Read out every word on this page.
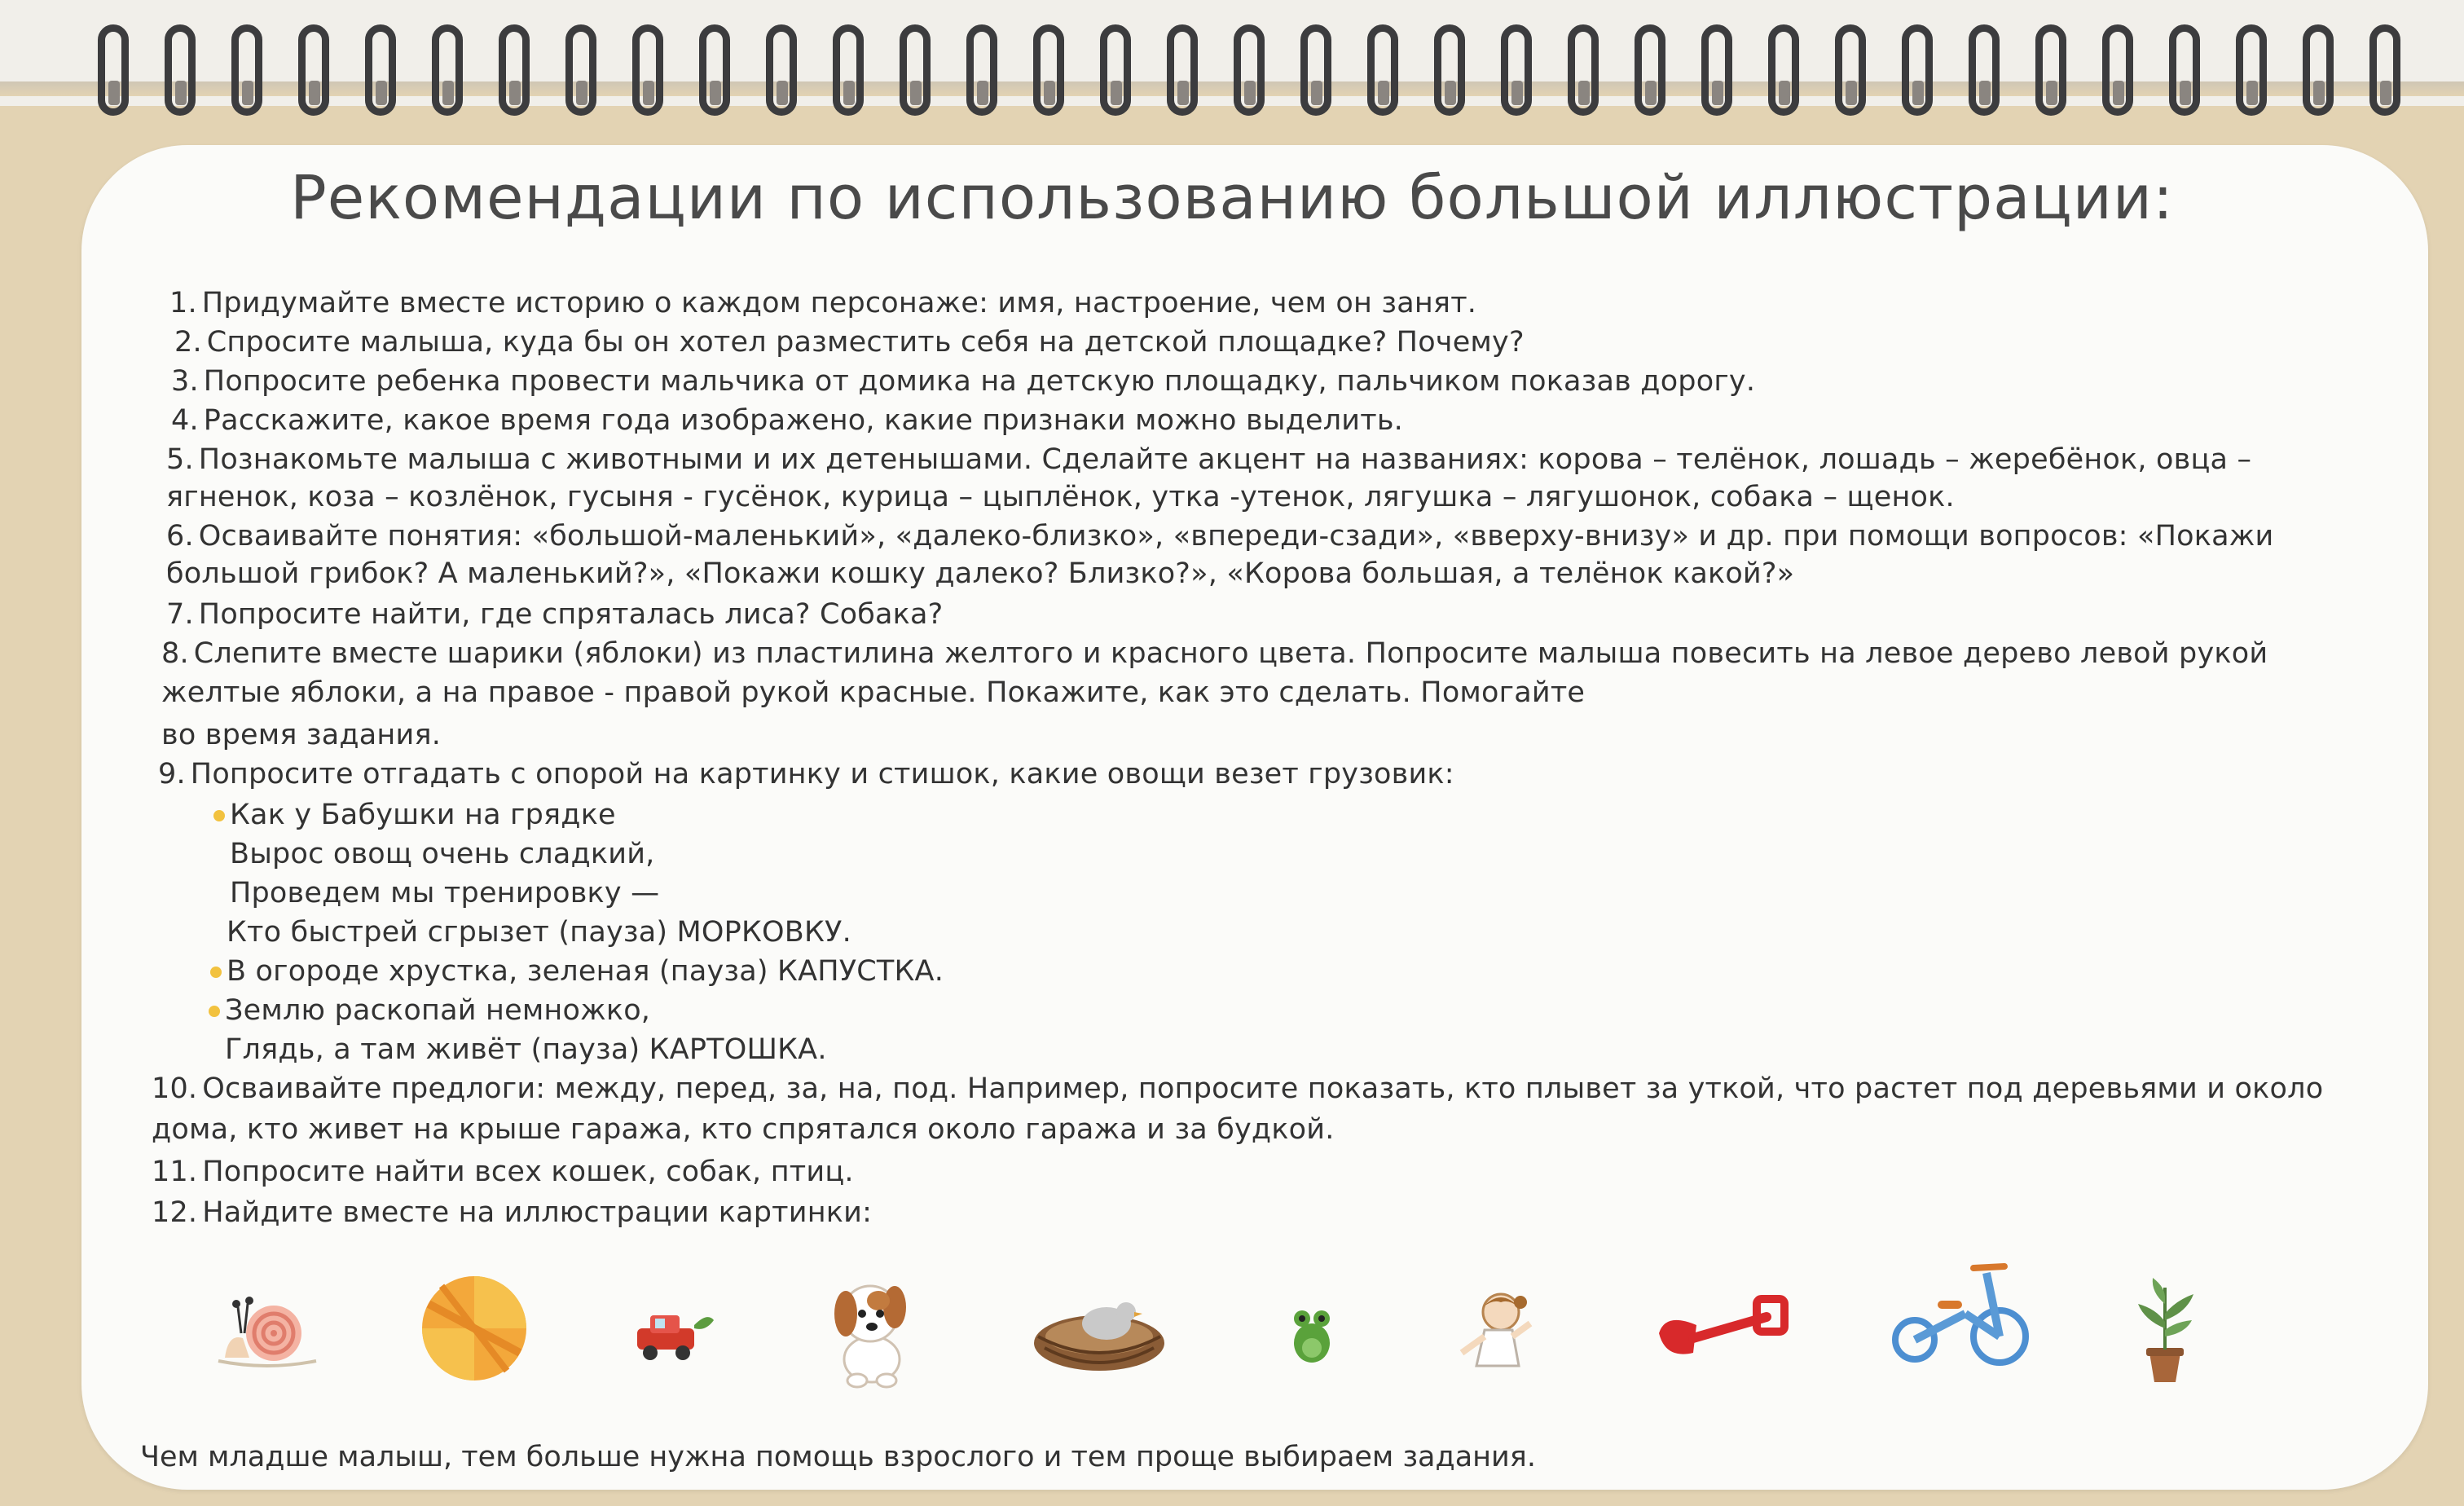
Рекомендации по использованию большой иллюстрации:
1. Придумайте вместе историю о каждом персонаже: имя, настроение, чем он занят.
2. Спросите малыша, куда бы он хотел разместить себя на детской площадке? Почему?
3. Попросите ребенка провести мальчика от домика на детскую площадку, пальчиком показав дорогу.
4. Расскажите, какое время года изображено, какие признаки можно выделить.
5. Познакомьте малыша с животными и их детенышами. Сделайте акцент на названиях: корова – телёнок, лошадь – жеребёнок, овца –
ягненок, коза – козлёнок, гусыня - гусёнок, курица – цыплёнок, утка -утенок, лягушка – лягушонок, собака – щенок.
6. Осваивайте понятия: «большой-маленький», «далеко-близко», «впереди-сзади», «вверху-внизу» и др. при помощи вопросов: «Покажи
большой грибок? А маленький?», «Покажи кошку далеко? Близко?», «Корова большая, а телёнок какой?»
7. Попросите найти, где спряталась лиса? Собака?
8. Слепите вместе шарики (яблоки) из пластилина желтого и красного цвета. Попросите малыша повесить на левое дерево левой рукой
желтые яблоки, а на правое - правой рукой красные. Покажите, как это сделать. Помогайте
во время задания.
9. Попросите отгадать с опорой на картинку и стишок, какие овощи везет грузовик:
Как у Бабушки на грядке
Вырос овощ очень сладкий,
Проведем мы тренировку —
Кто быстрей сгрызет (пауза) МОРКОВКУ.
В огороде хрустка, зеленая (пауза) КАПУСТКА.
Землю раскопай немножко,
Глядь, а там живёт (пауза) КАРТОШКА.
10. Осваивайте предлоги: между, перед, за, на, под. Например, попросите показать, кто плывет за уткой, что растет под деревьями и около
дома, кто живет на крыше гаража, кто спрятался около гаража и за будкой.
11. Попросите найти всех кошек, собак, птиц.
12. Найдите вместе на иллюстрации картинки:
Чем младше малыш, тем больше нужна помощь взрослого и тем проще выбираем задания.
